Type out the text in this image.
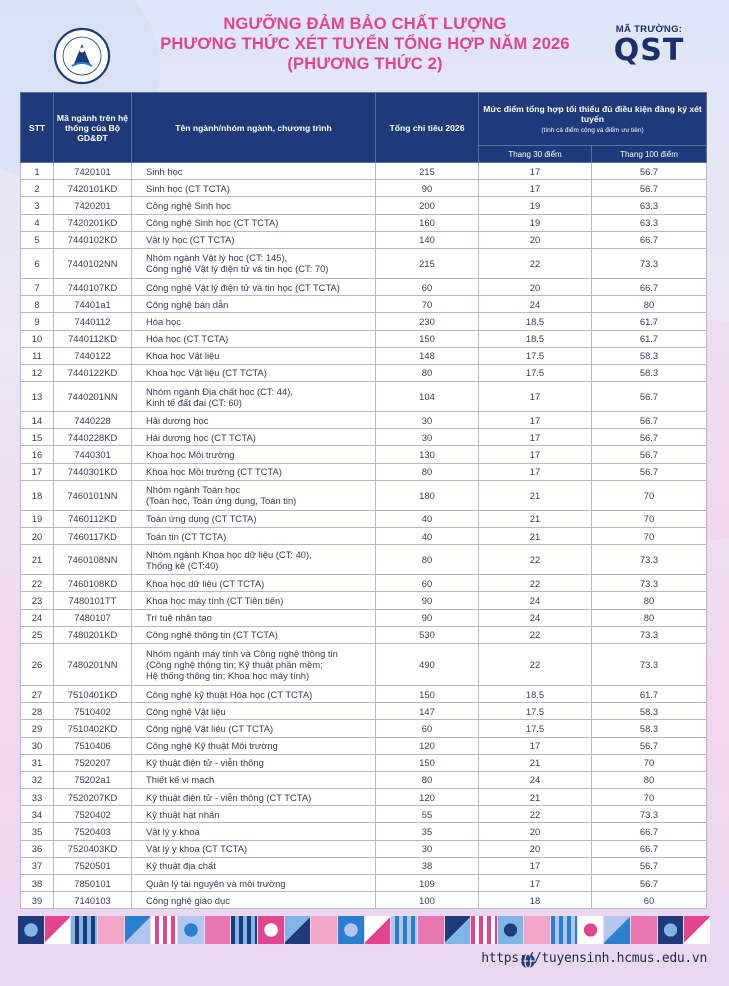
NGƯỠNG ĐẢM BẢO CHẤT LƯỢNG
PHƯƠNG THỨC XÉT TUYỂN TỔNG HỢP NĂM 2026
(PHƯƠNG THỨC 2)
MÃ TRƯỜNG:
QST
STT	Mã ngành trên hệ thống của Bộ GD&ĐT	Tên ngành/nhóm ngành, chương trình	Tổng chỉ tiêu 2026	Mức điểm tổng hợp tối thiểu đủ điều kiện đăng ký xét tuyển
(tính cả điểm cộng và điểm ưu tiên)	

				Thang 30 điểm	Thang 100 điểm
1	7420101	Sinh học	215	17	56.7
2	7420101KD	Sinh học (CT TCTA)	90	17	56.7
3	7420201	Công nghệ Sinh học	200	19	63.3
4	7420201KD	Công nghệ Sinh học (CT TCTA)	160	19	63.3
5	7440102KD	Vật lý học (CT TCTA)	140	20	66.7
6	7440102NN	Nhóm ngành Vật lý học (CT: 145),
Công nghệ Vật lý điện tử và tin học (CT: 70)	215	22	73.3
7	7440107KD	Công nghệ Vật lý điện tử và tin học (CT TCTA)	60	20	66.7
8	74401a1	Công nghệ bán dẫn	70	24	80
9	7440112	Hóa học	230	18.5	61.7
10	7440112KD	Hóa học (CT TCTA)	150	18.5	61.7
11	7440122	Khoa học Vật liệu	148	17.5	58.3
12	7440122KD	Khoa học Vật liệu (CT TCTA)	80	17.5	58.3
13	7440201NN	Nhóm ngành Địa chất học (CT: 44),
Kinh tế đất đai (CT: 60)	104	17	56.7
14	7440228	Hải dương học	30	17	56.7
15	7440228KD	Hải dương học (CT TCTA)	30	17	56.7
16	7440301	Khoa học Môi trường	130	17	56.7
17	7440301KD	Khoa học Môi trường (CT TCTA)	80	17	56.7
18	7460101NN	Nhóm ngành Toán học
(Toán học, Toán ứng dụng, Toán tin)	180	21	70
19	7460112KD	Toán ứng dụng (CT TCTA)	40	21	70
20	7460117KD	Toán tin (CT TCTA)	40	21	70
21	7460108NN	Nhóm ngành Khoa học dữ liệu (CT: 40),
Thống kê (CT:40)	80	22	73.3
22	7460108KD	Khoa học dữ liệu (CT TCTA)	60	22	73.3
23	7480101TT	Khoa học máy tính (CT Tiên tiến)	90	24	80
24	7480107	Trí tuệ nhân tạo	90	24	80
25	7480201KD	Công nghệ thông tin (CT TCTA)	530	22	73.3
26	7480201NN	Nhóm ngành máy tính và Công nghệ thông tin
(Công nghệ thông tin; Kỹ thuật phần mềm;
Hệ thống thông tin; Khoa học máy tính)	490	22	73.3
27	7510401KD	Công nghệ kỹ thuật Hóa học (CT TCTA)	150	18.5	61.7
28	7510402	Công nghệ Vật liệu	147	17.5	58.3
29	7510402KD	Công nghệ Vật liệu (CT TCTA)	60	17.5	58.3
30	7510406	Công nghệ Kỹ thuật Môi trường	120	17	56.7
31	7520207	Kỹ thuật điện tử - viễn thông	150	21	70
32	75202a1	Thiết kế vi mạch	80	24	80
33	7520207KD	Kỹ thuật điện tử - viễn thông (CT TCTA)	120	21	70
34	7520402	Kỹ thuật hạt nhân	55	22	73.3
35	7520403	Vật lý y khoa	35	20	66.7
36	7520403KD	Vật lý y khoa (CT TCTA)	30	20	66.7
37	7520501	Kỹ thuật địa chất	38	17	56.7
38	7850101	Quản lý tài nguyên và môi trường	109	17	56.7
39	7140103	Công nghệ giáo dục	100	18	60
https://tuyensinh.hcmus.edu.vn
